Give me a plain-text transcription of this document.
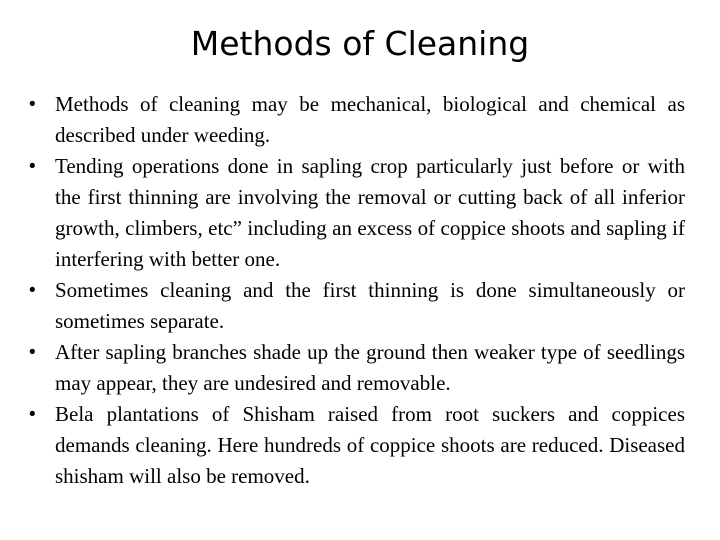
Methods of Cleaning
• Methods of cleaning may be mechanical, biological and chemical as described under weeding.
• Tending operations done in sapling crop particularly just before or with the first thinning are involving the removal or cutting back of all inferior growth, climbers, etc” including an excess of coppice shoots and sapling if interfering with better one.
• Sometimes cleaning and the first thinning is done simultaneously or sometimes separate.
• After sapling branches shade up the ground then weaker type of seedlings may appear, they are undesired and removable.
• Bela plantations of Shisham raised from root suckers and coppices demands cleaning. Here hundreds of coppice shoots are reduced. Diseased shisham will also be removed.
